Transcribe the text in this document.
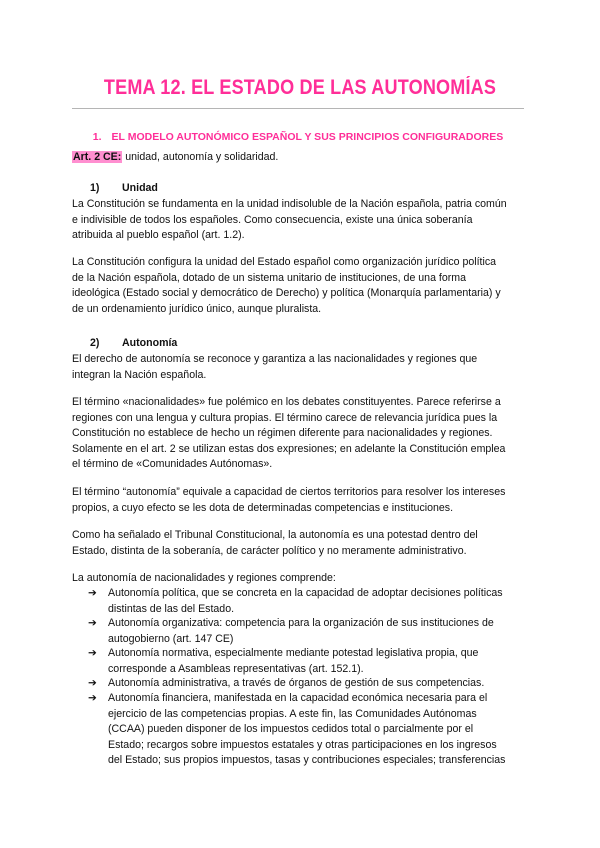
TEMA 12. EL ESTADO DE LAS AUTONOMÍAS
1. EL MODELO AUTONÓMICO ESPAÑOL Y SUS PRINCIPIOS CONFIGURADORES
Art. 2 CE: unidad, autonomía y solidaridad.
1) Unidad
La Constitución se fundamenta en la unidad indisoluble de la Nación española, patria común
e indivisible de todos los españoles. Como consecuencia, existe una única soberanía
atribuida al pueblo español (art. 1.2).
La Constitución configura la unidad del Estado español como organización jurídico política
de la Nación española, dotado de un sistema unitario de instituciones, de una forma
ideológica (Estado social y democrático de Derecho) y política (Monarquía parlamentaria) y
de un ordenamiento jurídico único, aunque pluralista.
2) Autonomía
El derecho de autonomía se reconoce y garantiza a las nacionalidades y regiones que
integran la Nación española.
El término «nacionalidades» fue polémico en los debates constituyentes. Parece referirse a
regiones con una lengua y cultura propias. El término carece de relevancia jurídica pues la
Constitución no establece de hecho un régimen diferente para nacionalidades y regiones.
Solamente en el art. 2 se utilizan estas dos expresiones; en adelante la Constitución emplea
el término de «Comunidades Autónomas».
El término “autonomía” equivale a capacidad de ciertos territorios para resolver los intereses
propios, a cuyo efecto se les dota de determinadas competencias e instituciones.
Como ha señalado el Tribunal Constitucional, la autonomía es una potestad dentro del
Estado, distinta de la soberanía, de carácter político y no meramente administrativo.
La autonomía de nacionalidades y regiones comprende:
➔ Autonomía política, que se concreta en la capacidad de adoptar decisiones políticas
distintas de las del Estado.
➔ Autonomía organizativa: competencia para la organización de sus instituciones de
autogobierno (art. 147 CE)
➔ Autonomía normativa, especialmente mediante potestad legislativa propia, que
corresponde a Asambleas representativas (art. 152.1).
➔ Autonomía administrativa, a través de órganos de gestión de sus competencias.
➔ Autonomía financiera, manifestada en la capacidad económica necesaria para el
ejercicio de las competencias propias. A este fin, las Comunidades Autónomas
(CCAA) pueden disponer de los impuestos cedidos total o parcialmente por el
Estado; recargos sobre impuestos estatales y otras participaciones en los ingresos
del Estado; sus propios impuestos, tasas y contribuciones especiales; transferencias
